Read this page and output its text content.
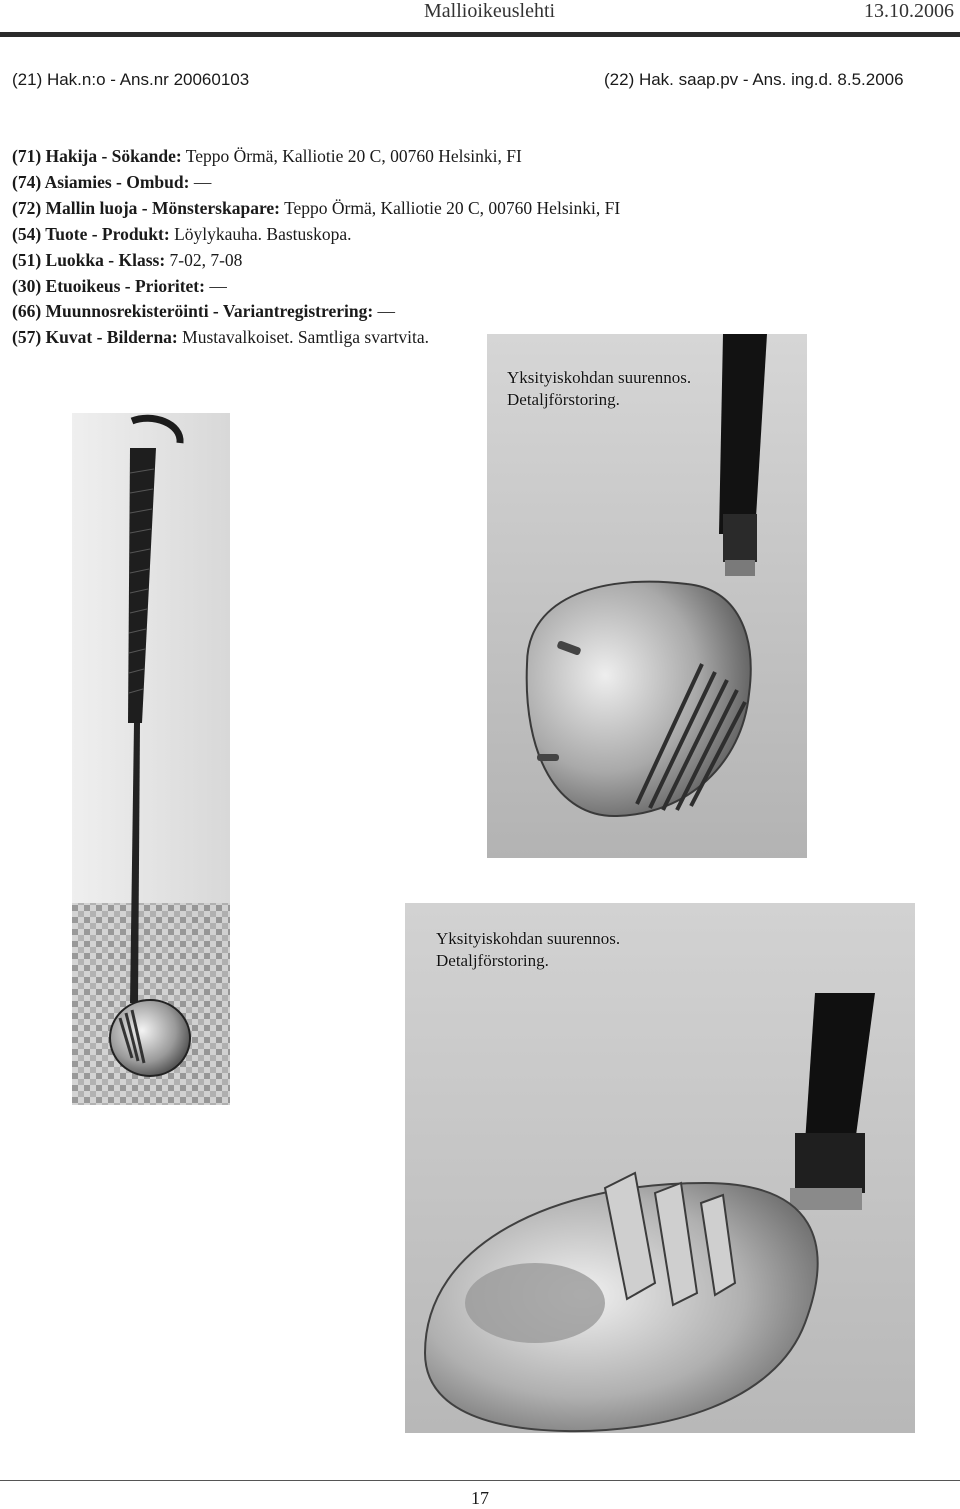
Mallioikeuslehti	13.10.2006
(21) Hak.n:o - Ans.nr 20060103	(22) Hak. saap.pv - Ans. ing.d. 8.5.2006
(71) Hakija - Sökande: Teppo Örmä, Kalliotie 20 C, 00760 Helsinki, FI
(74) Asiamies - Ombud: —
(72) Mallin luoja - Mönsterskapare: Teppo Örmä, Kalliotie 20 C, 00760 Helsinki, FI
(54) Tuote - Produkt: Löylykauha. Bastuskopa.
(51) Luokka - Klass: 7-02, 7-08
(30) Etuoikeus - Prioritet: —
(66) Muunnosrekisteröinti - Variantregistrering: —
(57) Kuvat - Bilderna: Mustavalkoiset. Samtliga svartvita.
Yksityiskohdan suurennos.
Detaljförstoring.
Yksityiskohdan suurennos.
Detaljförstoring.
17
